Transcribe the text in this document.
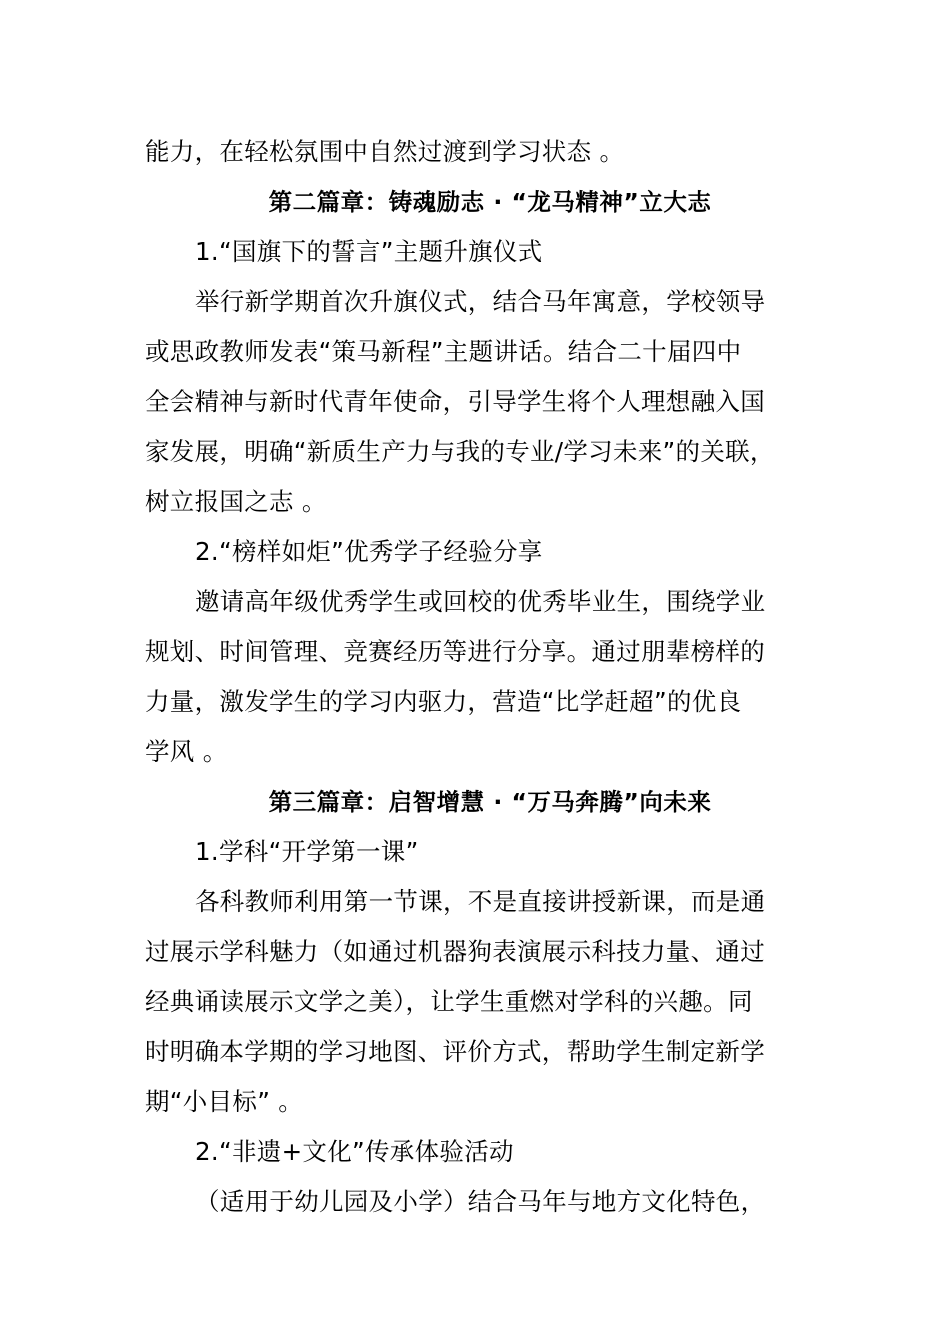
能力，在轻松氛围中自然过渡到学习状态 。
第二篇章：铸魂励志 · “龙马精神”立大志
1.“国旗下的誓言”主题升旗仪式
举行新学期首次升旗仪式，结合马年寓意，学校领导
或思政教师发表“策马新程”主题讲话。结合二十届四中
全会精神与新时代青年使命，引导学生将个人理想融入国
家发展，明确“新质生产力与我的专业/学习未来”的关联，
树立报国之志 。
2.“榜样如炬”优秀学子经验分享
邀请高年级优秀学生或回校的优秀毕业生，围绕学业
规划、时间管理、竞赛经历等进行分享。通过朋辈榜样的
力量，激发学生的学习内驱力，营造“比学赶超”的优良
学风 。
第三篇章：启智增慧 · “万马奔腾”向未来
1.学科“开学第一课”
各科教师利用第一节课，不是直接讲授新课，而是通
过展示学科魅力（如通过机器狗表演展示科技力量、通过
经典诵读展示文学之美），让学生重燃对学科的兴趣。同
时明确本学期的学习地图、评价方式，帮助学生制定新学
期“小目标” 。
2.“非遗+文化”传承体验活动
（适用于幼儿园及小学）结合马年与地方文化特色，
